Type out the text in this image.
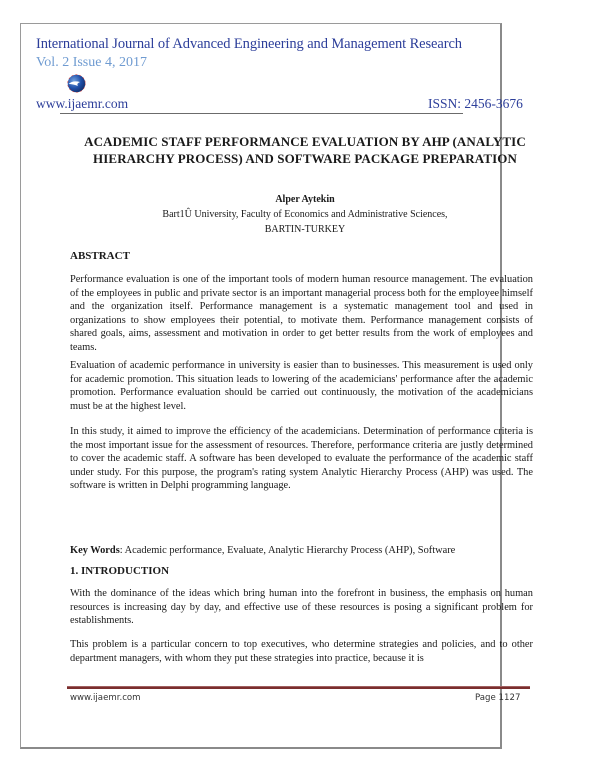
International Journal of Advanced Engineering and Management Research
Vol. 2 Issue 4, 2017
www.ijaemr.com	ISSN: 2456-3676
ACADEMIC STAFF PERFORMANCE EVALUATION BY AHP (ANALYTIC HIERARCHY PROCESS) AND SOFTWARE PACKAGE PREPARATION
Alper Aytekin
Bart1Û University, Faculty of Economics and Administrative Sciences,
BARTIN-TURKEY
ABSTRACT
Performance evaluation is one of the important tools of modern human resource management. The evaluation of the employees in public and private sector is an important managerial process both for the employee himself and the organization itself. Performance management is a systematic management tool and used in organizations to show employees their potential, to motivate them. Performance management consists of shared goals, aims, assessment and motivation in order to get better results from the work of employees and teams.
Evaluation of academic performance in university is easier than to businesses. This measurement is used only for academic promotion. This situation leads to lowering of the academicians' performance after the academic promotion. Performance evaluation should be carried out continuously, the motivation of the academicians must be at the highest level.
In this study, it aimed to improve the efficiency of the academicians. Determination of performance criteria is the most important issue for the assessment of resources. Therefore, performance criteria are justly determined to cover the academic staff. A software has been developed to evaluate the performance of the academic staff under study. For this purpose, the program's rating system Analytic Hierarchy Process (AHP) was used. The software is written in Delphi programming language.
Key Words: Academic performance, Evaluate, Analytic Hierarchy Process (AHP), Software
1. INTRODUCTION
With the dominance of the ideas which bring human into the forefront in business, the emphasis on human resources is increasing day by day, and effective use of these resources is posing a significant problem for establishments.
This problem is a particular concern to top executives, who determine strategies and policies, and to other department managers, with whom they put these strategies into practice, because it is
www.ijaemr.com	Page 1127
